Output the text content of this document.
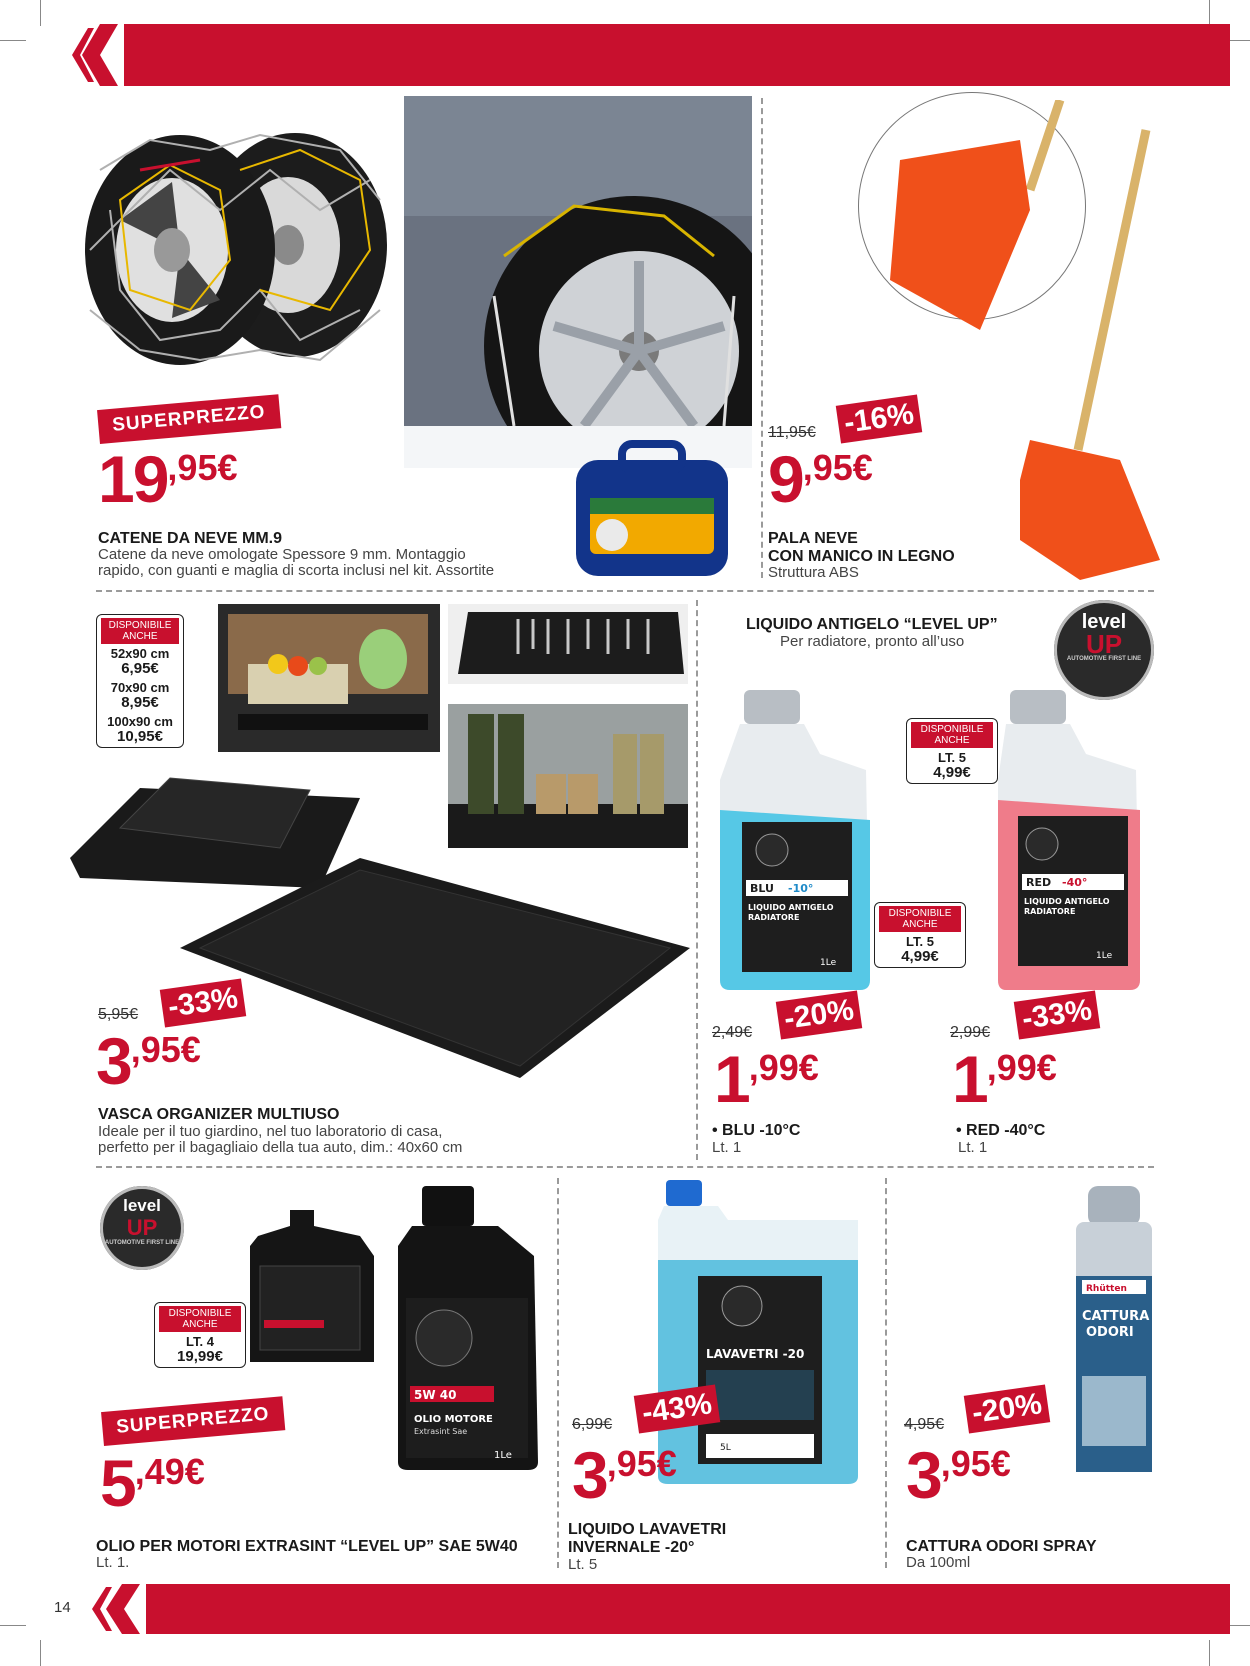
14
SUPERPREZZO
19,95€
CATENE DA NEVE MM.9
Catene da neve omologate Spessore 9 mm. Montaggio
rapido, con guanti e maglia di scorta inclusi nel kit. Assortite
11,95€ -16%
9,95€
PALA NEVE
CON MANICO IN LEGNO
Struttura ABS
DISPONIBILE
ANCHE
52x90 cm
6,95€
70x90 cm
8,95€
100x90 cm
10,95€
5,95€ -33%
3,95€
VASCA ORGANIZER MULTIUSO
Ideale per il tuo giardino, nel tuo laboratorio di casa,
perfetto per il bagagliaio della tua auto, dim.: 40x60 cm
LIQUIDO ANTIGELO “LEVEL UP”
Per radiatore, pronto all’uso
level
UP
AUTOMOTIVE FIRST LINE
BLU -10°
LIQUIDO ANTIGELO
RADIATORE
1Le
RED -40°
LIQUIDO ANTIGELO
RADIATORE
1Le
DISPONIBILE
ANCHE
LT. 5
4,99€
DISPONIBILE
ANCHE
LT. 5
4,99€
2,49€ -20%
1,99€
• BLU -10°C
Lt. 1
2,99€ -33%
1,99€
• RED -40°C
Lt. 1
level
UP
AUTOMOTIVE FIRST LINE
5W 40
OLIO MOTORE
Extrasint Sae
1Le
DISPONIBILE
ANCHE
LT. 4
19,99€
SUPERPREZZO
5,49€
OLIO PER MOTORI EXTRASINT “LEVEL UP” SAE 5W40
Lt. 1.
LAVAVETRI -20
5L
6,99€ -43%
3,95€
LIQUIDO LAVAVETRI
INVERNALE -20°
Lt. 5
Rhütten
CATTURA
ODORI
4,95€ -20%
3,95€
CATTURA ODORI SPRAY
Da 100ml
